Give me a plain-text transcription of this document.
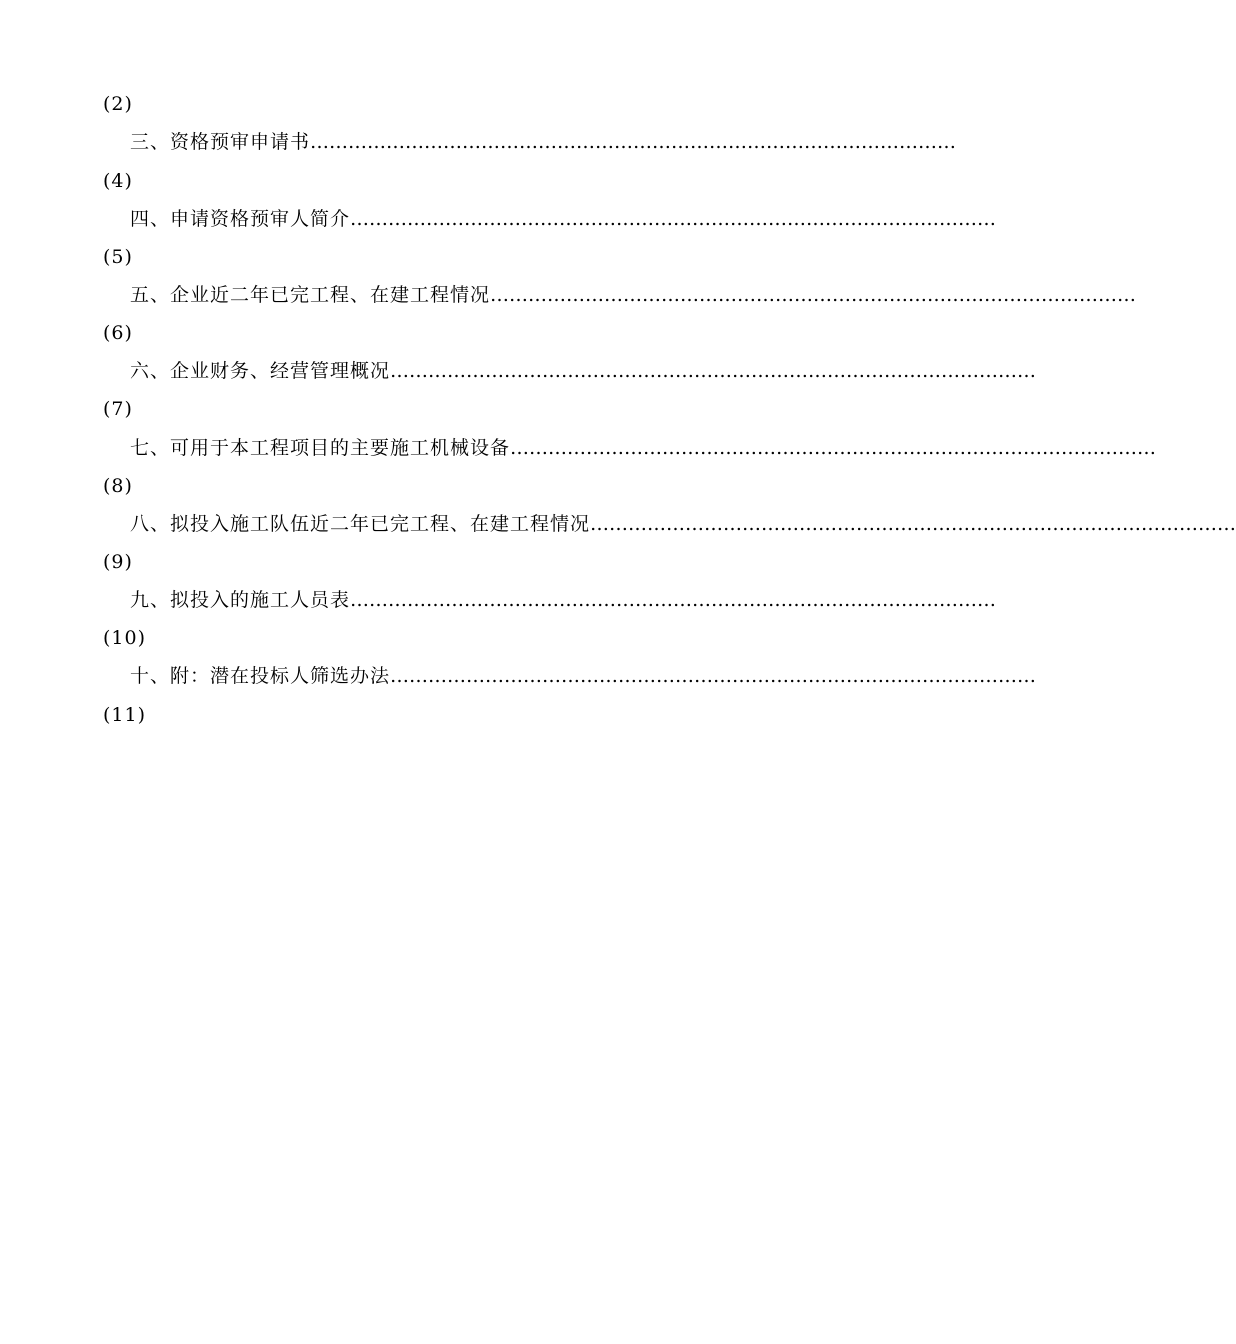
(2)
三、资格预审申请书 …………………………………………………………………………………………
(4)
四、申请资格预审人简介 …………………………………………………………………………………………
(5)
五、企业近二年已完工程、在建工程情况 …………………………………………………………………………………………
(6)
六、企业财务、经营管理概况 …………………………………………………………………………………………
(7)
七、可用于本工程项目的主要施工机械设备 …………………………………………………………………………………………
(8)
八、拟投入施工队伍近二年已完工程、在建工程情况 …………………………………………………………………………………………
(9)
九、拟投入的施工人员表 …………………………………………………………………………………………
(10)
十、附：潜在投标人筛选办法 …………………………………………………………………………………………
(11)
